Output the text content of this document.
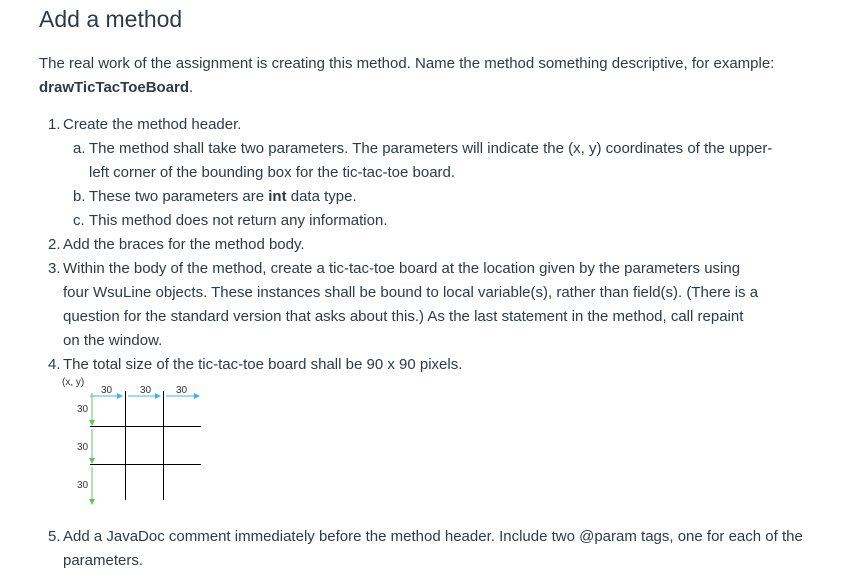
Add a method
The real work of the assignment is creating this method. Name the method something descriptive, for example: drawTicTacToeBoard.
1. Create the method header.
a. The method shall take two parameters. The parameters will indicate the (x, y) coordinates of the upper-left corner of the bounding box for the tic-tac-toe board.
b. These two parameters are int data type.
c. This method does not return any information.
2. Add the braces for the method body.
3. Within the body of the method, create a tic-tac-toe board at the location given by the parameters using four WsuLine objects. These instances shall be bound to local variable(s), rather than field(s). (There is a question for the standard version that asks about this.) As the last statement in the method, call repaint on the window.
4. The total size of the tic-tac-toe board shall be 90 x 90 pixels.
(x, y)
30	30 30
30
30
30
5. Add a JavaDoc comment immediately before the method header. Include two @param tags, one for each of the parameters.
